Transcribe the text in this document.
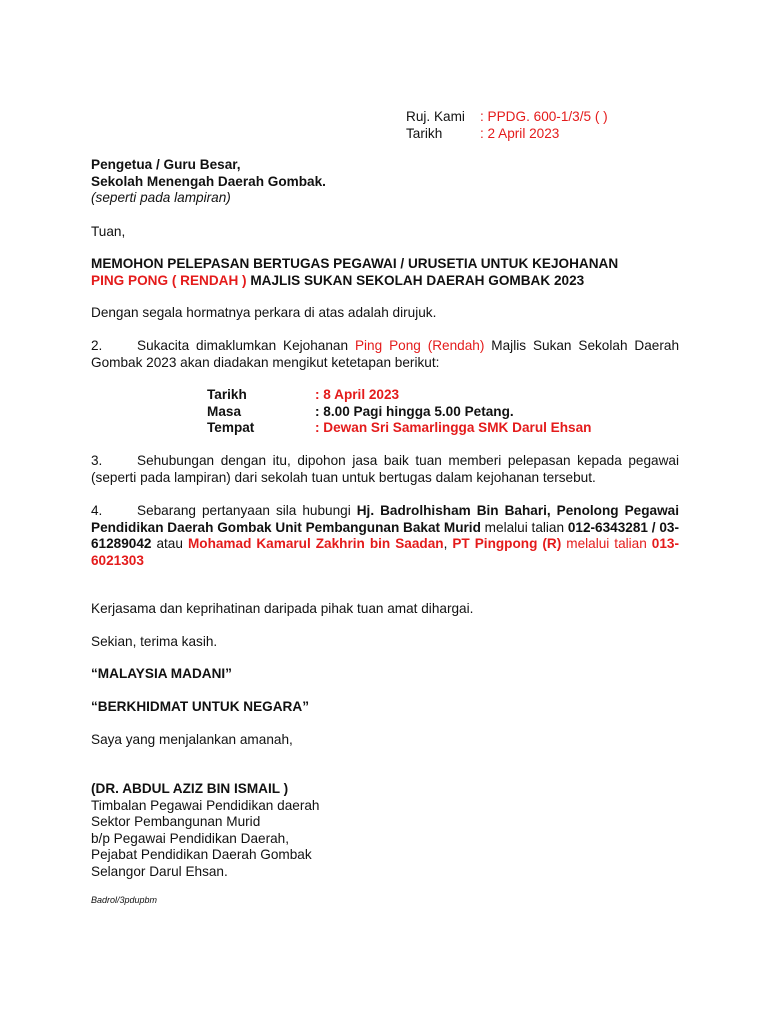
Ruj. Kami	: PPDG. 600-1/3/5 ( )
Tarikh	: 2 April 2023
Pengetua / Guru Besar,
Sekolah Menengah Daerah Gombak.
(seperti pada lampiran)
Tuan,
MEMOHON PELEPASAN BERTUGAS PEGAWAI / URUSETIA UNTUK KEJOHANAN
PING PONG ( RENDAH ) MAJLIS SUKAN SEKOLAH DAERAH GOMBAK 2023
Dengan segala hormatnya perkara di atas adalah dirujuk.
2.	Sukacita dimaklumkan Kejohanan Ping Pong (Rendah) Majlis Sukan Sekolah Daerah Gombak 2023 akan diadakan mengikut ketetapan berikut:
Tarikh	: 8 April 2023
Masa	: 8.00 Pagi hingga 5.00 Petang.
Tempat	: Dewan Sri Samarlingga SMK Darul Ehsan
3.	Sehubungan dengan itu, dipohon jasa baik tuan memberi pelepasan kepada pegawai (seperti pada lampiran) dari sekolah tuan untuk bertugas dalam kejohanan tersebut.
4.	Sebarang pertanyaan sila hubungi Hj. Badrolhisham Bin Bahari, Penolong Pegawai Pendidikan Daerah Gombak Unit Pembangunan Bakat Murid melalui talian 012-6343281 / 03-61289042 atau Mohamad Kamarul Zakhrin bin Saadan, PT Pingpong (R) melalui talian 013-6021303
Kerjasama dan keprihatinan daripada pihak tuan amat dihargai.
Sekian, terima kasih.
“MALAYSIA MADANI”
“BERKHIDMAT UNTUK NEGARA”
Saya yang menjalankan amanah,
(DR. ABDUL AZIZ BIN ISMAIL )
Timbalan Pegawai Pendidikan daerah
Sektor Pembangunan Murid
b/p Pegawai Pendidikan Daerah,
Pejabat Pendidikan Daerah Gombak
Selangor Darul Ehsan.
Badrol/3pdupbm
